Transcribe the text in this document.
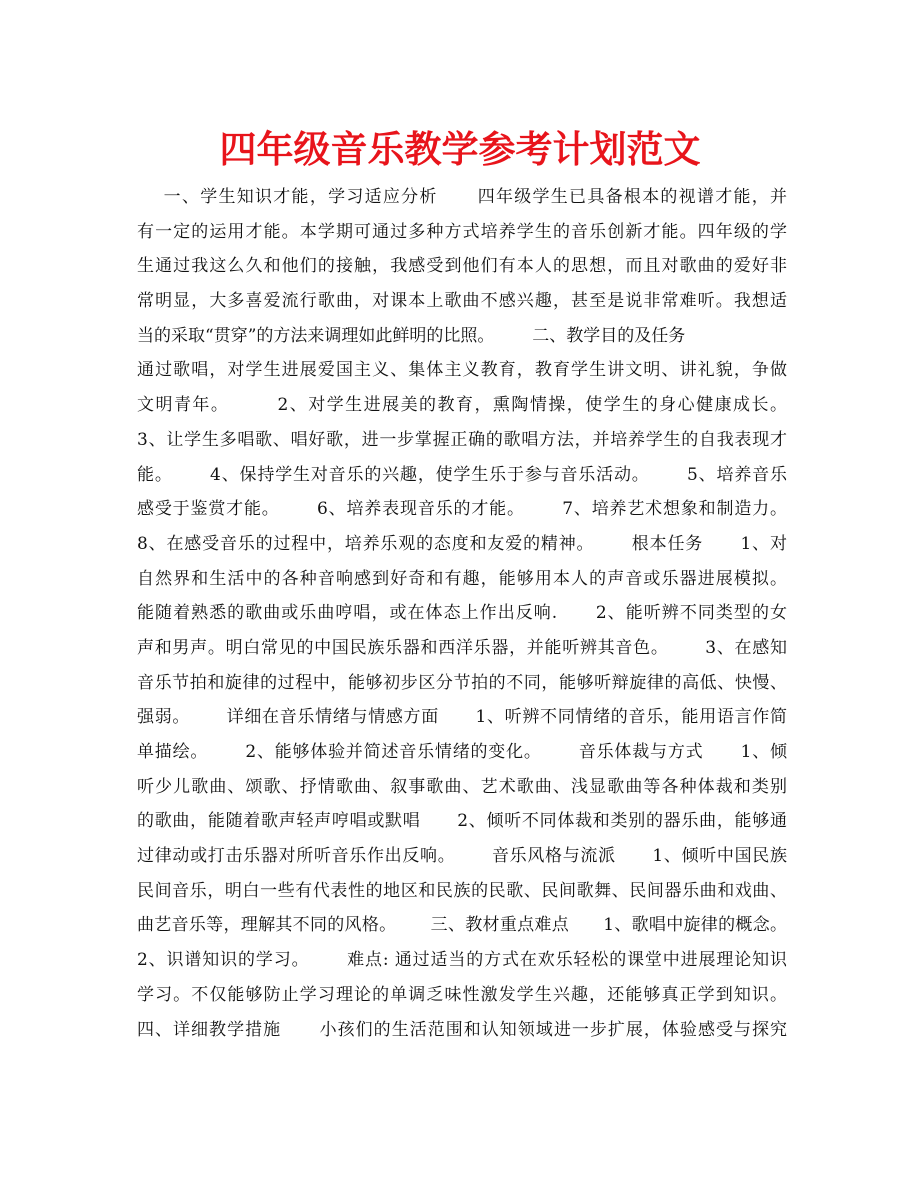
四年级音乐教学参考计划范文
一、学生知识才能，学习适应分析      四年级学生已具备根本的视谱才能，并
有一定的运用才能。本学期可通过多种方式培养学生的音乐创新才能。四年级的学
生通过我这么久和他们的接触，我感受到他们有本人的思想，而且对歌曲的爱好非
常明显，大多喜爱流行歌曲，对课本上歌曲不感兴趣，甚至是说非常难听。我想适
当的采取“贯穿”的方法来调理如此鲜明的比照。       二、教学目的及任务
通过歌唱，对学生进展爱国主义、集体主义教育，教育学生讲文明、讲礼貌，争做
文明青年。       2、对学生进展美的教育，熏陶情操，使学生的身心健康成长。
3、让学生多唱歌、唱好歌，进一步掌握正确的歌唱方法，并培养学生的自我表现才
能。      4、保持学生对音乐的兴趣，使学生乐于参与音乐活动。      5、培养音乐
感受于鉴赏才能。      6、培养表现音乐的才能。      7、培养艺术想象和制造力。
8、在感受音乐的过程中，培养乐观的态度和友爱的精神。      根本任务      1、对
自然界和生活中的各种音响感到好奇和有趣，能够用本人的声音或乐器进展模拟。
能随着熟悉的歌曲或乐曲哼唱，或在体态上作出反响.      2、能听辨不同类型的女
声和男声。明白常见的中国民族乐器和西洋乐器，并能听辨其音色。      3、在感知
音乐节拍和旋律的过程中，能够初步区分节拍的不同，能够听辩旋律的高低、快慢、
强弱。      详细在音乐情绪与情感方面      1、听辨不同情绪的音乐，能用语言作简
单描绘。      2、能够体验并简述音乐情绪的变化。      音乐体裁与方式      1、倾
听少儿歌曲、颂歌、抒情歌曲、叙事歌曲、艺术歌曲、浅显歌曲等各种体裁和类别
的歌曲，能随着歌声轻声哼唱或默唱      2、倾听不同体裁和类别的器乐曲，能够通
过律动或打击乐器对所听音乐作出反响。      音乐风格与流派      1、倾听中国民族
民间音乐，明白一些有代表性的地区和民族的民歌、民间歌舞、民间器乐曲和戏曲、
曲艺音乐等，理解其不同的风格。      三、教材重点难点      1、歌唱中旋律的概念。
2、识谱知识的学习。      难点: 通过适当的方式在欢乐轻松的课堂中进展理论知识
学习。不仅能够防止学习理论的单调乏味性激发学生兴趣，还能够真正学到知识。
四、详细教学措施      小孩们的生活范围和认知领域进一步扩展，体验感受与探究
